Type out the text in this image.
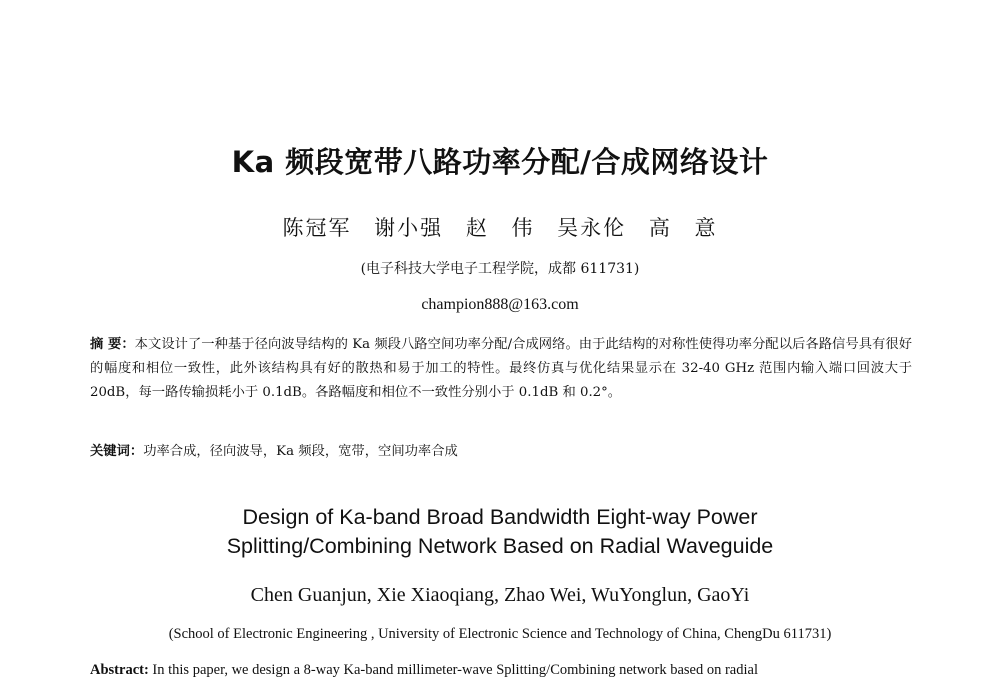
Ka 频段宽带八路功率分配/合成网络设计
陈冠军 谢小强 赵 伟 吴永伦 高 意
(电子科技大学电子工程学院，成都 611731)
champion888@163.com
摘 要：本文设计了一种基于径向波导结构的 Ka 频段八路空间功率分配/合成网络。由于此结构的对称性使得功率分配以后各路信号具有很好的幅度和相位一致性，此外该结构具有好的散热和易于加工的特性。最终仿真与优化结果显示在 32-40 GHz 范围内输入端口回波大于 20dB，每一路传输损耗小于 0.1dB。各路幅度和相位不一致性分别小于 0.1dB 和 0.2°。
关键词：功率合成，径向波导，Ka 频段，宽带，空间功率合成
Design of Ka-band Broad Bandwidth Eight-way Power
Splitting/Combining Network Based on Radial Waveguide
Chen Guanjun, Xie Xiaoqiang, Zhao Wei, WuYonglun, GaoYi
(School of Electronic Engineering , University of Electronic Science and Technology of China, ChengDu 611731)
Abstract: In this paper, we design a 8-way Ka-band millimeter-wave Splitting/Combining network based on radial
